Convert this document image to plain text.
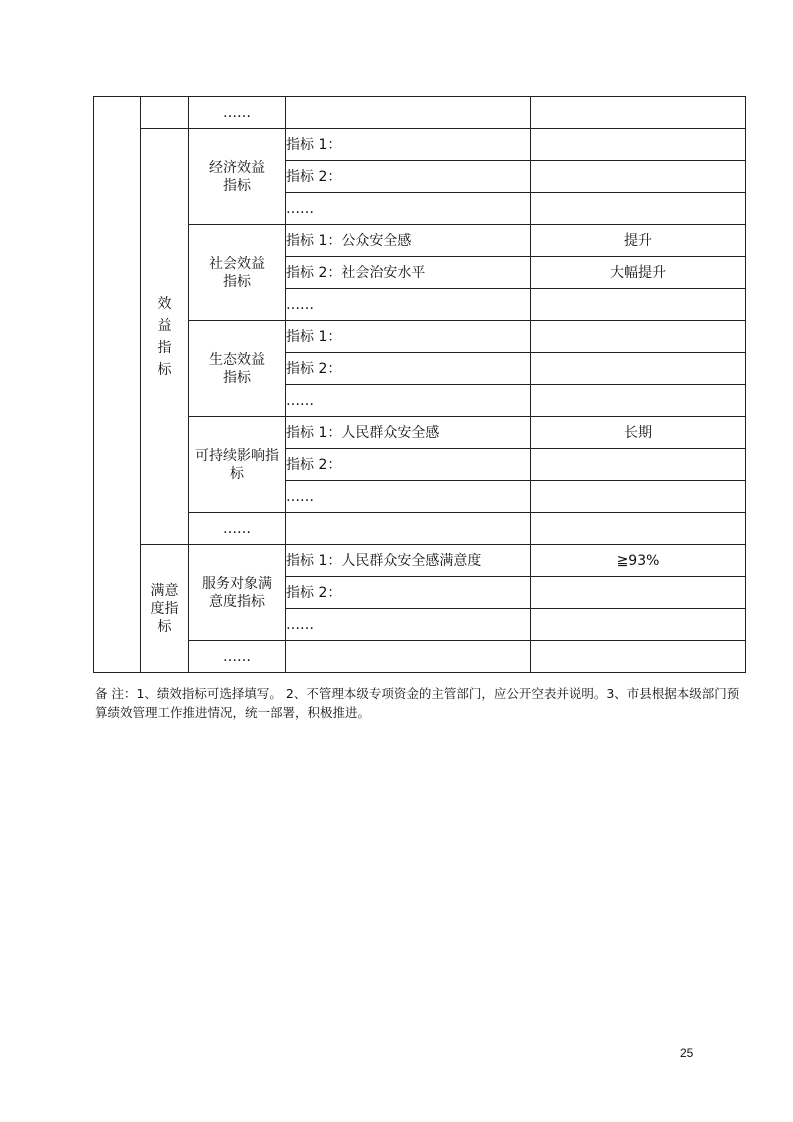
		……		
	效益指标	经济效益指标	指标 1：	
			指标 2：	
			……	
		社会效益指标	指标 1：公众安全感	提升
			指标 2：社会治安水平	大幅提升
			……	
		生态效益指标	指标 1：	
			指标 2：	
			……	
		可持续影响指标	指标 1：人民群众安全感	长期
			指标 2：	
			……	
		……		
	满意度指标	服务对象满意度指标	指标 1：人民群众安全感满意度	≧93%
			指标 2：	
			……	
		……		
备 注：1、绩效指标可选择填写。 2、不管理本级专项资金的主管部门，应公开空表并说明。3、市县根据本级部门预算绩效管理工作推进情况，统一部署，积极推进。
25
